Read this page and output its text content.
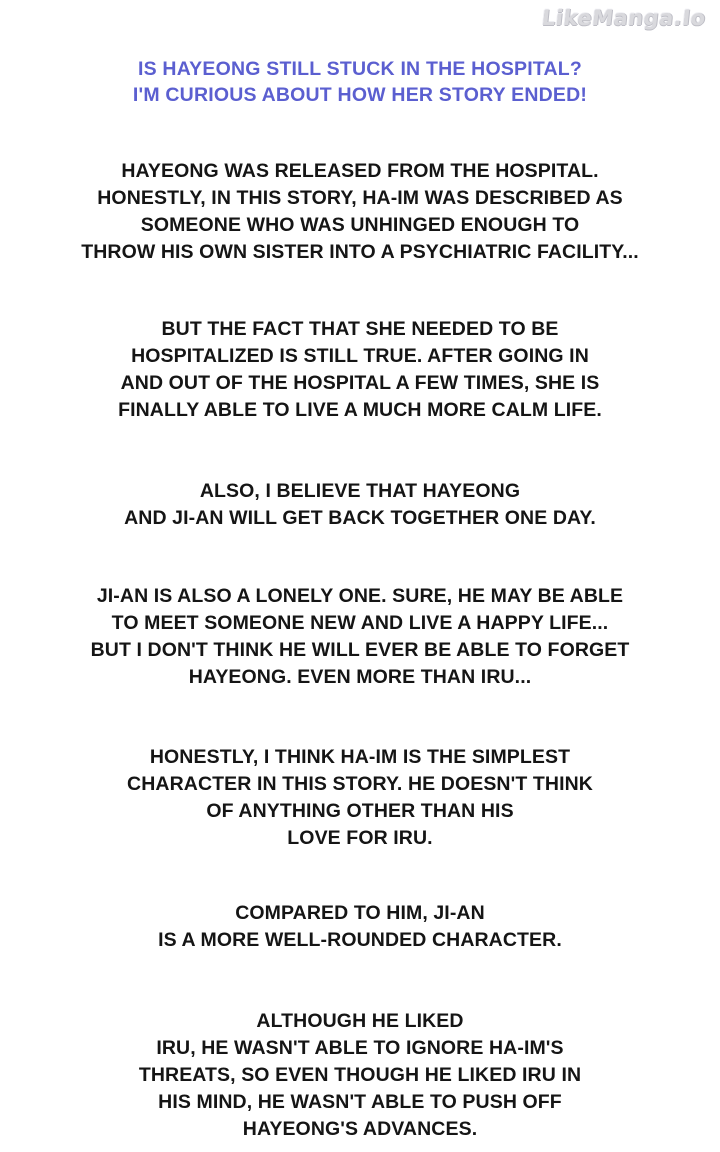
LikeManga.Io
IS HAYEONG STILL STUCK IN THE HOSPITAL?
I'M CURIOUS ABOUT HOW HER STORY ENDED!
HAYEONG WAS RELEASED FROM THE HOSPITAL.
HONESTLY, IN THIS STORY, HA-IM WAS DESCRIBED AS
SOMEONE WHO WAS UNHINGED ENOUGH TO
THROW HIS OWN SISTER INTO A PSYCHIATRIC FACILITY...
BUT THE FACT THAT SHE NEEDED TO BE
HOSPITALIZED IS STILL TRUE. AFTER GOING IN
AND OUT OF THE HOSPITAL A FEW TIMES, SHE IS
FINALLY ABLE TO LIVE A MUCH MORE CALM LIFE.
ALSO, I BELIEVE THAT HAYEONG
AND JI-AN WILL GET BACK TOGETHER ONE DAY.
JI-AN IS ALSO A LONELY ONE. SURE, HE MAY BE ABLE
TO MEET SOMEONE NEW AND LIVE A HAPPY LIFE...
BUT I DON'T THINK HE WILL EVER BE ABLE TO FORGET
HAYEONG. EVEN MORE THAN IRU...
HONESTLY, I THINK HA-IM IS THE SIMPLEST
CHARACTER IN THIS STORY. HE DOESN'T THINK
OF ANYTHING OTHER THAN HIS
LOVE FOR IRU.
COMPARED TO HIM, JI-AN
IS A MORE WELL-ROUNDED CHARACTER.
ALTHOUGH HE LIKED
IRU, HE WASN'T ABLE TO IGNORE HA-IM'S
THREATS, SO EVEN THOUGH HE LIKED IRU IN
HIS MIND, HE WASN'T ABLE TO PUSH OFF
HAYEONG'S ADVANCES.
